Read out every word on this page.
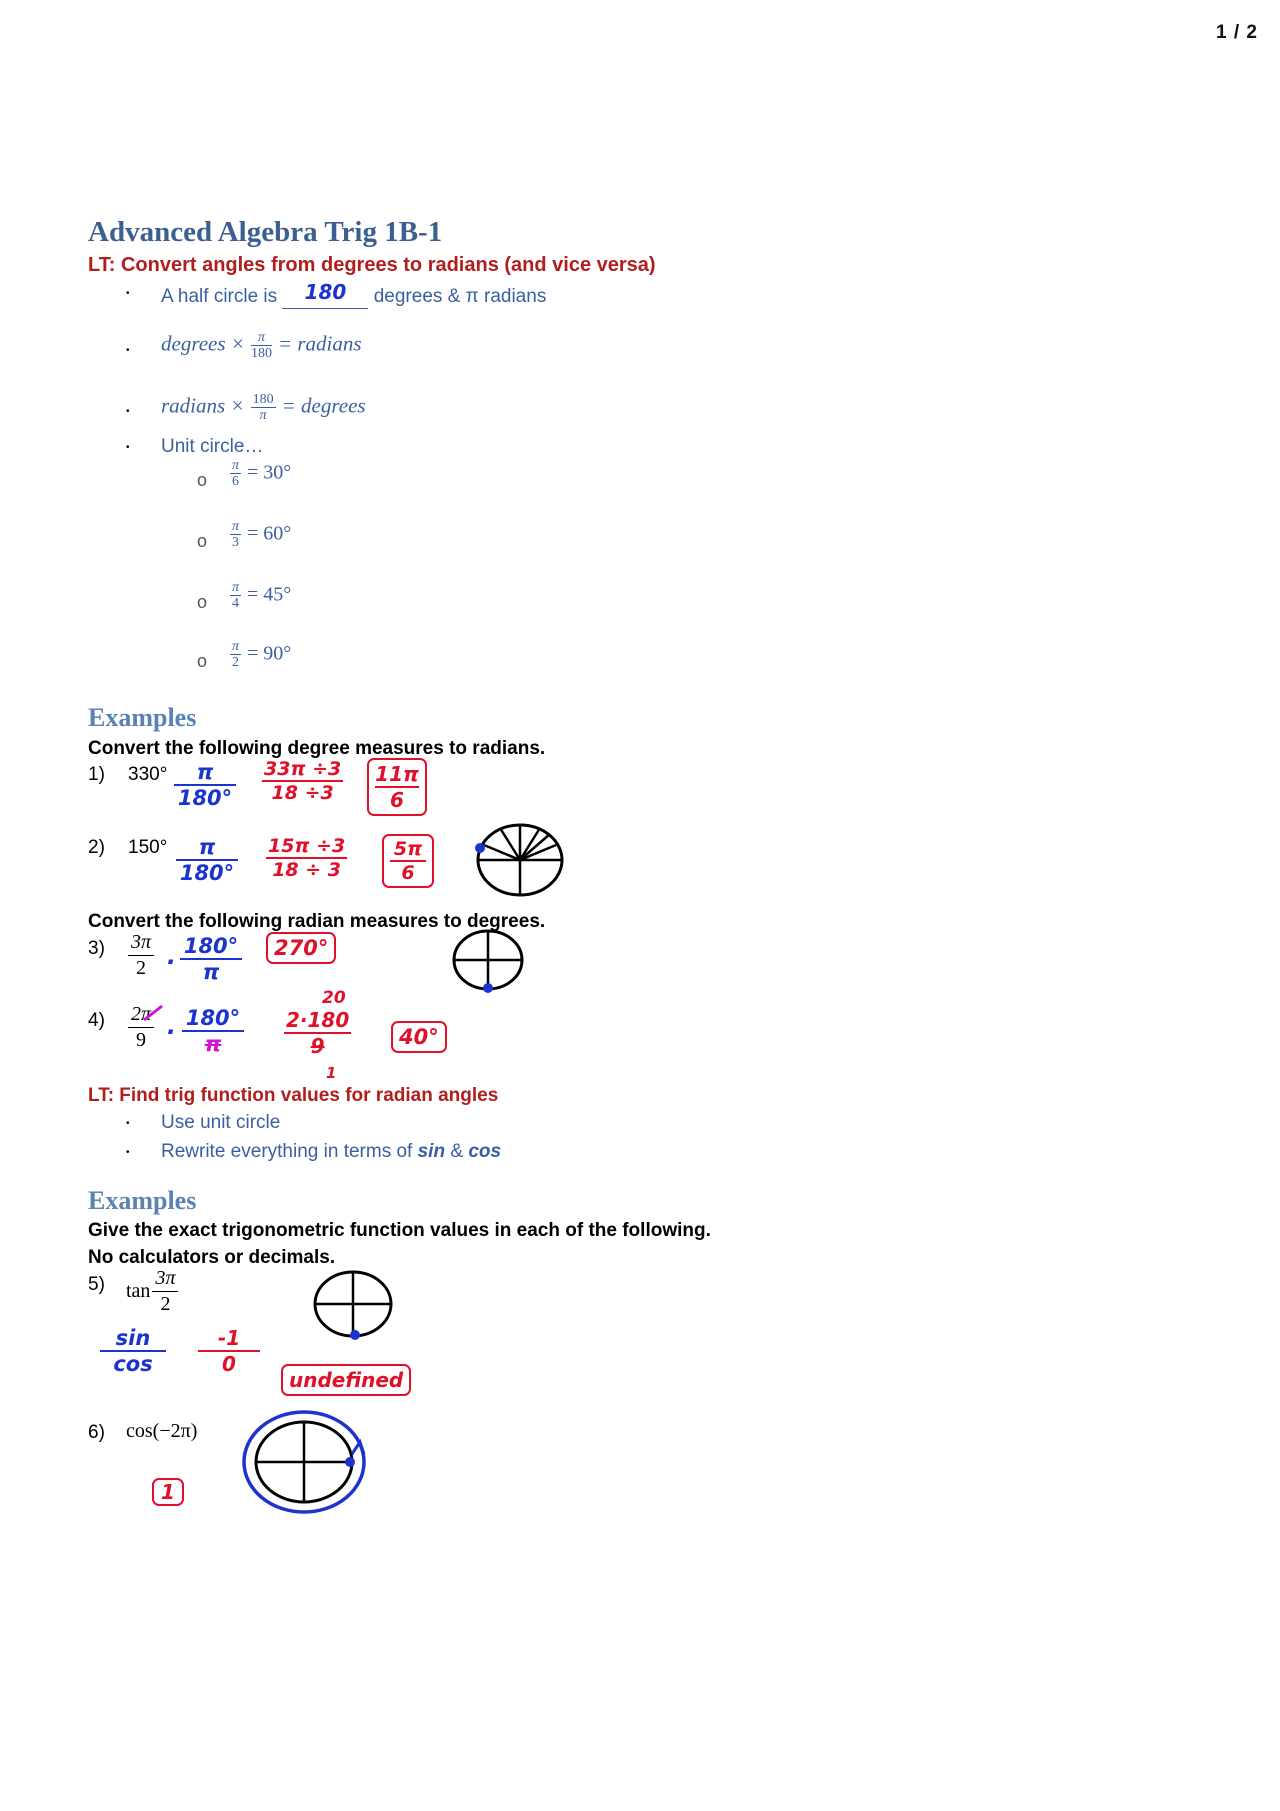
1 / 2
Advanced Algebra Trig 1B-1
LT: Convert angles from degrees to radians (and vice versa)
• A half circle is 180 degrees & π radians
• degrees × $\frac{\pi}{180}$ = radians
• radians × $\frac{180}{\pi}$ = degrees
• Unit circle…
o $\frac{\pi}{6} = 30^\circ$
o $\frac{\pi}{3} = 60^\circ$
o $\frac{\pi}{4} = 45^\circ$
o $\frac{\pi}{2} = 90^\circ$
Examples
Convert the following degree measures to radians.
1) $330^\circ \frac{\pi}{180^\circ} \frac{33\pi \div 3}{18 \div 3} \frac{11\pi}{6}$
2) $150^\circ \frac{\pi}{180^\circ} \frac{15\pi \div 3}{18 \div 3} \frac{5\pi}{6}$
Convert the following radian measures to degrees.
$3) \frac{3\pi}{2} \cdot \frac{180^\circ}{\pi}$	270°
$4) \frac{2\pi}{9} \cdot \frac{180^\circ}{\pi}$
20
$\frac{2\cdot 180}{9}$
1
40°
LT: Find trig function values for radian angles
• Use unit circle
• Rewrite everything in terms of sin & cos
Examples
Give the exact trigonometric function values in each of the following.
No calculators or decimals.
5) $\tan \frac{3\pi}{2}$
$\frac{\sin}{\cos} \frac{-1}{0}$
undefined
6) cos(−2π)
1
